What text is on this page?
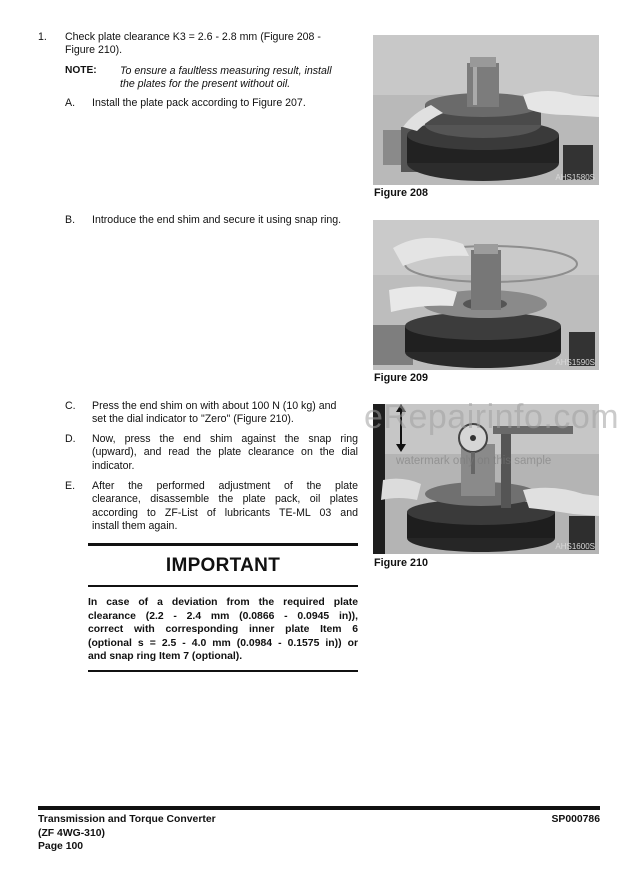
1. Check plate clearance K3 = 2.6 - 2.8 mm (Figure 208 -
Figure 210).
NOTE: To ensure a faultless measuring result, install
the plates for the present without oil.
A. Install the plate pack according to Figure 207.
B. Introduce the end shim and secure it using snap ring.
C. Press the end shim on with about 100 N (10 kg) and
set the dial indicator to "Zero" (Figure 210).
D. Now, press the end shim against the snap ring
(upward), and read the plate clearance on the dial
indicator.
E. After the performed adjustment of the plate
clearance, disassemble the plate pack, oil plates
according to ZF-List of lubricants TE-ML 03 and
install them again.
IMPORTANT
In case of a deviation from the required plate
clearance (2.2 - 2.4 mm (0.0866 - 0.0945 in)),
correct with corresponding inner plate Item 6
(optional s = 2.5 - 4.0 mm (0.0984 - 0.1575 in)) or
and snap ring Item 7 (optional).
AHS1580S
Figure 208
AHS1590S
Figure 209
AHS1600S
Figure 210
eRepairinfo.com
watermark only on this sample
Transmission and Torque Converter
(ZF 4WG-310)
Page 100
SP000786
